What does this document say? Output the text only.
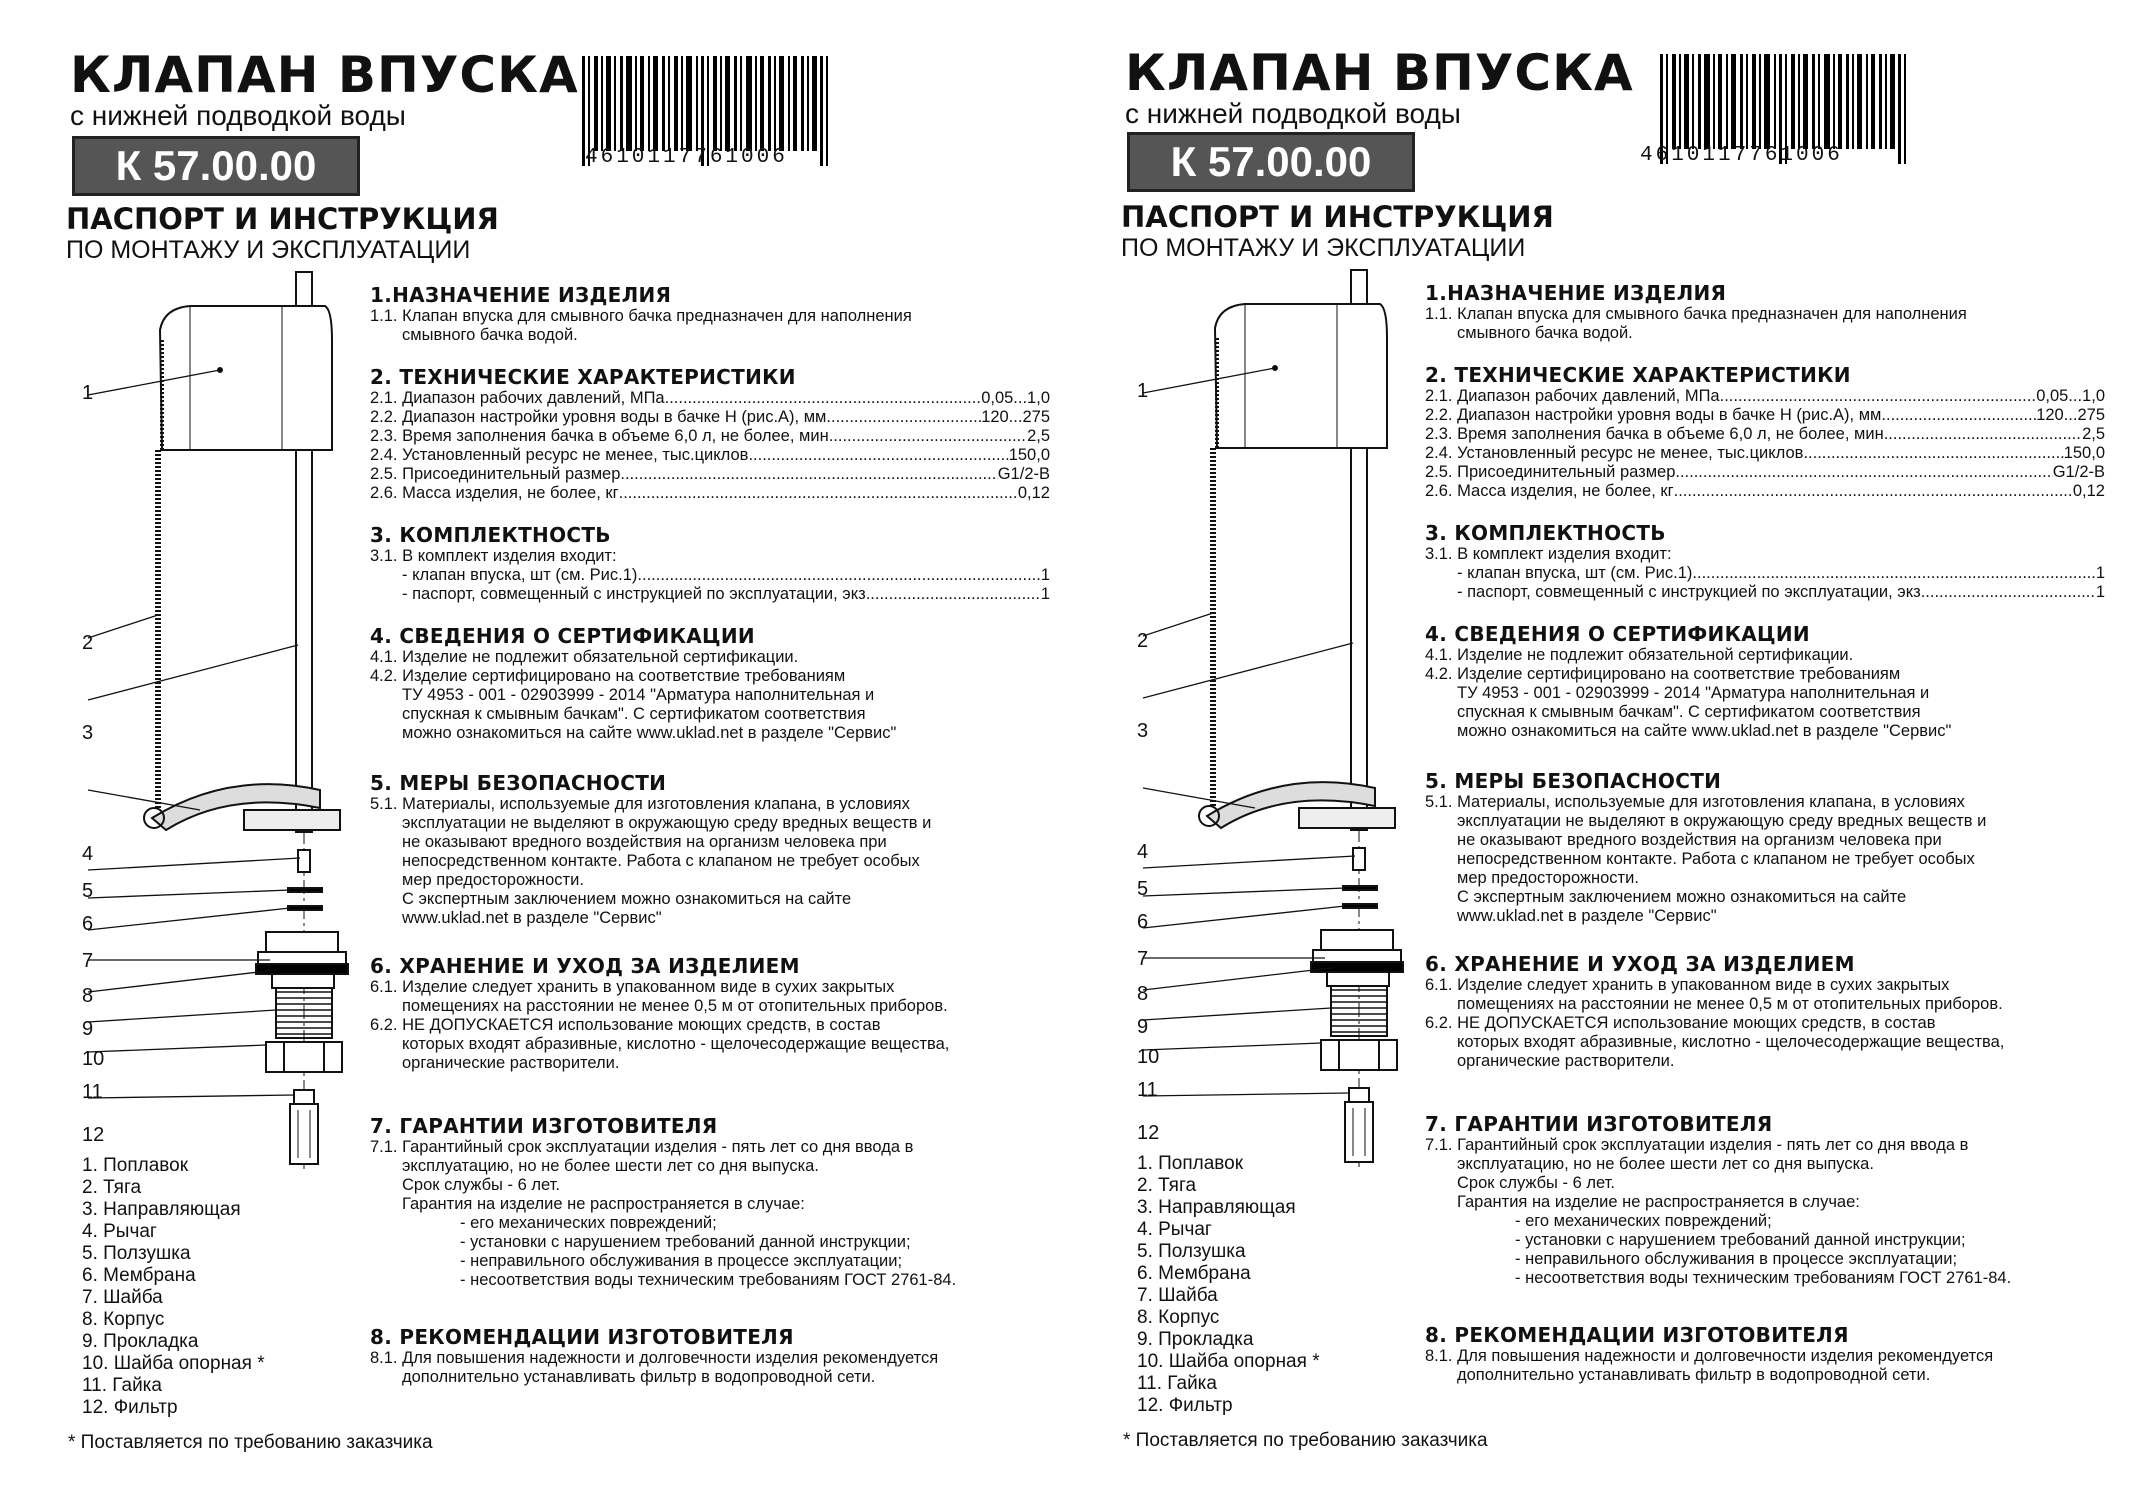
КЛАПАН ВПУСКА
с нижней подводкой воды
К 57.00.00	4610117761006
ПАСПОРТ И ИНСТРУКЦИЯ
ПО МОНТАЖУ И ЭКСПЛУАТАЦИИ
1
2
3
4
5
6
7
8
9
10
11
12
1. Поплавок
2. Тяга
3. Направляющая
4. Рычаг
5. Ползушка
6. Мембрана
7. Шайба
8. Корпус
9. Прокладка
10. Шайба опорная *
11. Гайка
12. Фильтр
* Поставляется по требованию заказчика
1.НАЗНАЧЕНИЕ ИЗДЕЛИЯ
1.1. Клапан впуска для смывного бачка предназначен для наполнения
смывного бачка водой.
2. ТЕХНИЧЕСКИЕ ХАРАКТЕРИСТИКИ
2.1. Диапазон рабочих давлений, МПа .....	0,05...1,0
2.2. Диапазон настройки уровня воды в бачке Н (рис.А), мм .....	120...275
2.3. Время заполнения бачка в объеме 6,0 л, не более, мин .....	2,5
2.4. Установленный ресурс не менее, тыс.циклов .....	150,0
2.5. Присоединительный размер .....	G1/2-B
2.6. Масса изделия, не более, кг .....	0,12
3. КОМПЛЕКТНОСТЬ
3.1. В комплект изделия входит:
- клапан впуска, шт (см. Рис.1) .....	1
- паспорт, совмещенный с инструкцией по эксплуатации, экз .....	1
4. СВЕДЕНИЯ О СЕРТИФИКАЦИИ
4.1. Изделие не подлежит обязательной сертификации.
4.2. Изделие сертифицировано на соответствие требованиям
ТУ 4953 - 001 - 02903999 - 2014 "Арматура наполнительная и
спускная к смывным бачкам". С сертификатом соответствия
можно ознакомиться на сайте www.uklad.net в разделе "Сервис"
5. МЕРЫ БЕЗОПАСНОСТИ
5.1. Материалы, используемые для изготовления клапана, в условиях
эксплуатации не выделяют в окружающую среду вредных веществ и
не оказывают вредного воздействия на организм человека при
непосредственном контакте. Работа с клапаном не требует особых
мер предосторожности.
С экспертным заключением можно ознакомиться на сайте
www.uklad.net в разделе "Сервис"
6. ХРАНЕНИЕ И УХОД ЗА ИЗДЕЛИЕМ
6.1. Изделие следует хранить в упакованном виде в сухих закрытых
помещениях на расстоянии не менее 0,5 м от отопительных приборов.
6.2. НЕ ДОПУСКАЕТСЯ использование моющих средств, в состав
которых входят абразивные, кислотно - щелочесодержащие вещества,
органические растворители.
7. ГАРАНТИИ ИЗГОТОВИТЕЛЯ
7.1. Гарантийный срок эксплуатации изделия - пять лет со дня ввода в
эксплуатацию, но не более шести лет со дня выпуска.
Срок службы - 6 лет.
Гарантия на изделие не распространяется в случае:
- его механических повреждений;
- установки с нарушением требований данной инструкции;
- неправильного обслуживания в процессе эксплуатации;
- несоответствия воды техническим требованиям ГОСТ 2761-84.
8. РЕКОМЕНДАЦИИ ИЗГОТОВИТЕЛЯ
8.1. Для повышения надежности и долговечности изделия рекомендуется
дополнительно устанавливать фильтр в водопроводной сети.
КЛАПАН ВПУСКА
с нижней подводкой воды
К 57.00.00	4610117761006
ПАСПОРТ И ИНСТРУКЦИЯ
ПО МОНТАЖУ И ЭКСПЛУАТАЦИИ
1
2
3
4
5
6
7
8
9
10
11
12
1. Поплавок
2. Тяга
3. Направляющая
4. Рычаг
5. Ползушка
6. Мембрана
7. Шайба
8. Корпус
9. Прокладка
10. Шайба опорная *
11. Гайка
12. Фильтр
* Поставляется по требованию заказчика
1.НАЗНАЧЕНИЕ ИЗДЕЛИЯ
1.1. Клапан впуска для смывного бачка предназначен для наполнения
смывного бачка водой.
2. ТЕХНИЧЕСКИЕ ХАРАКТЕРИСТИКИ
2.1. Диапазон рабочих давлений, МПа .....	0,05...1,0
2.2. Диапазон настройки уровня воды в бачке Н (рис.А), мм .....	120...275
2.3. Время заполнения бачка в объеме 6,0 л, не более, мин .....	2,5
2.4. Установленный ресурс не менее, тыс.циклов .....	150,0
2.5. Присоединительный размер .....	G1/2-B
2.6. Масса изделия, не более, кг .....	0,12
3. КОМПЛЕКТНОСТЬ
3.1. В комплект изделия входит:
- клапан впуска, шт (см. Рис.1) .....	1
- паспорт, совмещенный с инструкцией по эксплуатации, экз .....	1
4. СВЕДЕНИЯ О СЕРТИФИКАЦИИ
4.1. Изделие не подлежит обязательной сертификации.
4.2. Изделие сертифицировано на соответствие требованиям
ТУ 4953 - 001 - 02903999 - 2014 "Арматура наполнительная и
спускная к смывным бачкам". С сертификатом соответствия
можно ознакомиться на сайте www.uklad.net в разделе "Сервис"
5. МЕРЫ БЕЗОПАСНОСТИ
5.1. Материалы, используемые для изготовления клапана, в условиях
эксплуатации не выделяют в окружающую среду вредных веществ и
не оказывают вредного воздействия на организм человека при
непосредственном контакте. Работа с клапаном не требует особых
мер предосторожности.
С экспертным заключением можно ознакомиться на сайте
www.uklad.net в разделе "Сервис"
6. ХРАНЕНИЕ И УХОД ЗА ИЗДЕЛИЕМ
6.1. Изделие следует хранить в упакованном виде в сухих закрытых
помещениях на расстоянии не менее 0,5 м от отопительных приборов.
6.2. НЕ ДОПУСКАЕТСЯ использование моющих средств, в состав
которых входят абразивные, кислотно - щелочесодержащие вещества,
органические растворители.
7. ГАРАНТИИ ИЗГОТОВИТЕЛЯ
7.1. Гарантийный срок эксплуатации изделия - пять лет со дня ввода в
эксплуатацию, но не более шести лет со дня выпуска.
Срок службы - 6 лет.
Гарантия на изделие не распространяется в случае:
- его механических повреждений;
- установки с нарушением требований данной инструкции;
- неправильного обслуживания в процессе эксплуатации;
- несоответствия воды техническим требованиям ГОСТ 2761-84.
8. РЕКОМЕНДАЦИИ ИЗГОТОВИТЕЛЯ
8.1. Для повышения надежности и долговечности изделия рекомендуется
дополнительно устанавливать фильтр в водопроводной сети.
